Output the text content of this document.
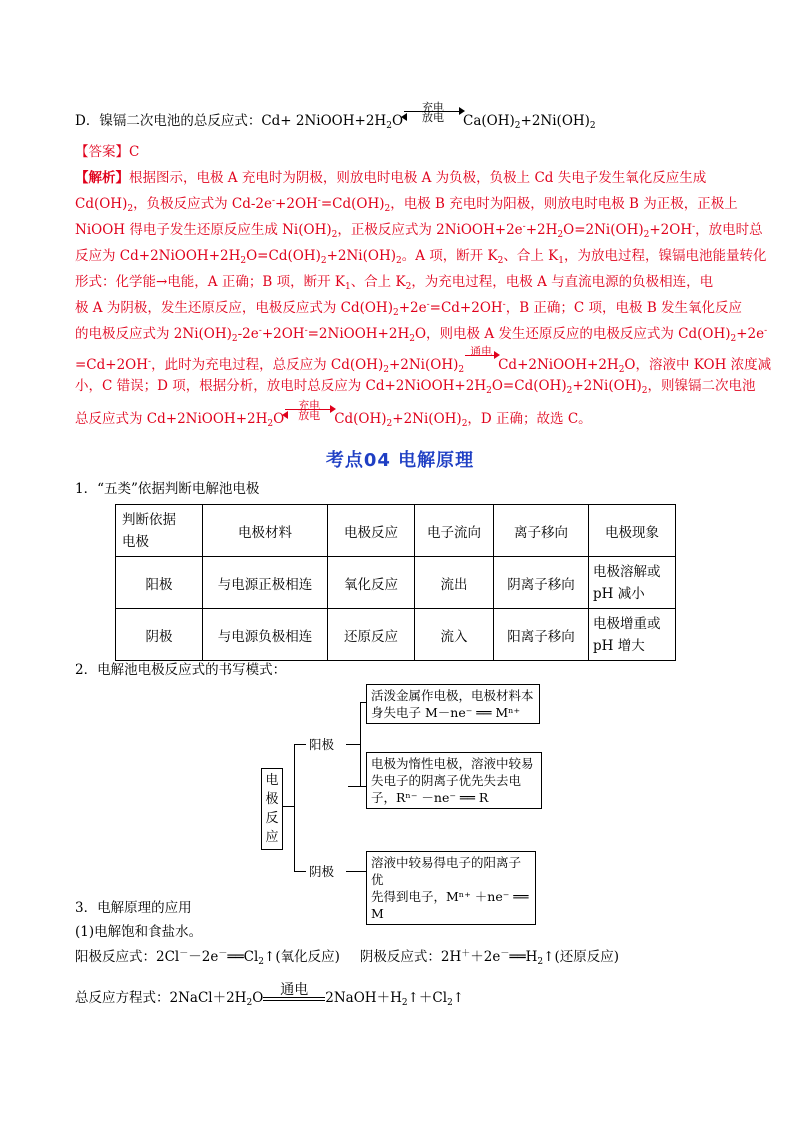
D．镍镉二次电池的总反应式：$Cd+ 2NiOOH+2H_2O$
充电
放电	$Ca(OH)_2+2Ni(OH)_2$
【答案】C
【解析】根据图示，电极 A 充电时为阴极，则放电时电极 A 为负极，负极上 Cd 失电子发生氧化反应生成
$Cd(OH)_2$，负极反应式为 $Cd-2e^-+2OH^-=Cd(OH)_2$，电极 B 充电时为阳极，则放电时电极 B 为正极，正极上
NiOOH 得电子发生还原反应生成 $Ni(OH)_2$，正极反应式为 $2NiOOH+2e^-+2H_2O=2Ni(OH)_2+2OH^-$，放电时总
反应为 $Cd+2NiOOH+2H_2O=Cd(OH)_2+2Ni(OH)_2$。A 项，断开 $K_2$、合上 $K_1$，为放电过程，镍镉电池能量转化
形式：化学能→电能，A 正确；B 项，断开 $K_1$、合上 $K_2$，为充电过程，电极 A 与直流电源的负极相连，电
极 A 为阴极，发生还原反应，电极反应式为 $Cd(OH)_2+2e^-=Cd+2OH^-$，B 正确；C 项，电极 B 发生氧化反应
的电极反应式为 $2Ni(OH)_2-2e^-+2OH^-=2NiOOH+2H_2O$，则电极 A 发生还原反应的电极反应式为 $Cd(OH)_2+2e^-$
=Cd+2OH-，此时为充电过程，总反应为 $Cd(OH)_2+2Ni(OH)_2$
通电

$Cd+2NiOOH+2H_2O$，溶液中 KOH 浓度减
小，C 错误；D 项，根据分析，放电时总反应为 $Cd+2NiOOH+2H_2O=Cd(OH)_2+2Ni(OH)_2$，则镍镉二次电池
总反应式为 $Cd+2NiOOH+2H_2O$
充电
放电	$Cd(OH)_2+2Ni(OH)_2$，D 正确；故选 C。
考点04 电解原理
1．“五类”依据判断电解池电极
判断依据
电极	电极材料	电极反应	电子流向	离子移向	电极现象
阳极	与电源正极相连	氧化反应	流出	阴离子移向	电极溶解或
pH 减小

阴极	与电源负极相连	还原反应	流入	阳离子移向	电极增重或
pH 增大
2．电解池电极反应式的书写模式：
电
极
反
应
阳极
活泼金属作电极，电极材料本
身失电子 M－ne⁻ ══ Mⁿ⁺
电极为惰性电极，溶液中较易
失电子的阴离子优先失去电
子，Rⁿ⁻ －ne⁻ ══ R
阴极
溶液中较易得电子的阳离子优
先得到电子，Mⁿ⁺ ＋ne⁻ ══ M
3．电解原理的应用
(1)电解饱和食盐水。
阳极反应式：$2Cl^--2e^-══Cl_2↑$(氧化反应) 阴极反应式：$2H^++2e^-══H_2↑$(还原反应)
总反应方程式：$2NaCl+2H_2O$	通电	$2NaOH+H_2↑+Cl_2↑$
